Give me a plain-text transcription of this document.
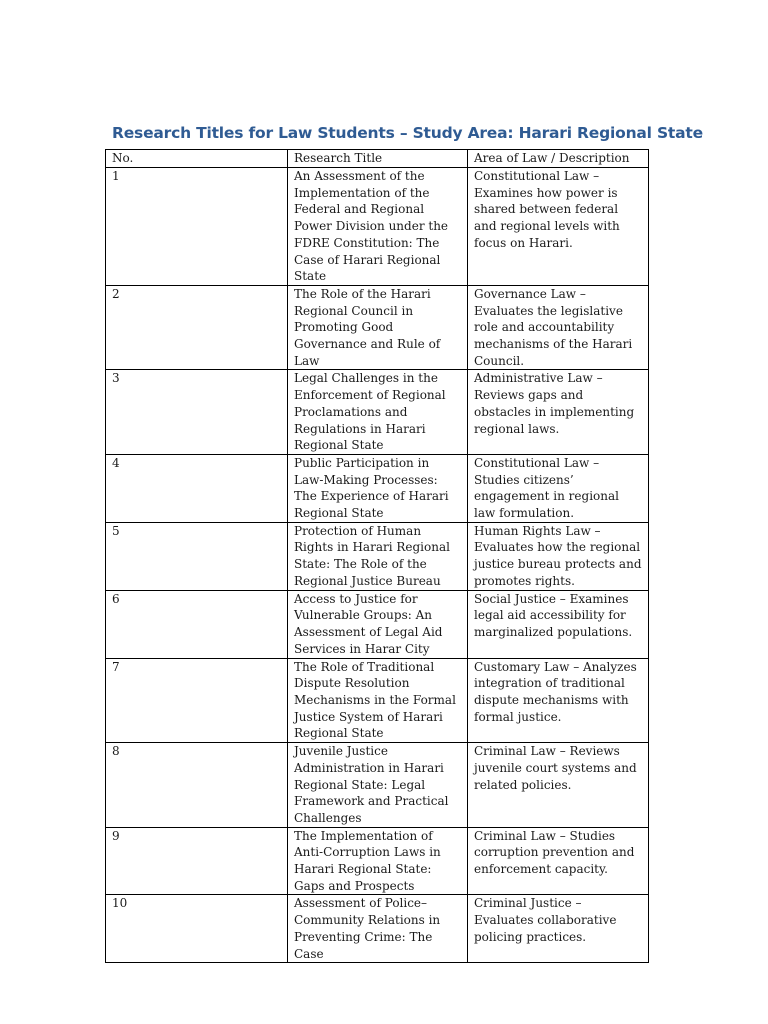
Research Titles for Law Students – Study Area: Harari Regional State
No.	Research Title	Area of Law / Description
1	An Assessment of the Implementation of the Federal and Regional Power Division under the FDRE Constitution: The Case of Harari Regional State	Constitutional Law – Examines how power is shared between federal and regional levels with focus on Harari.
2	The Role of the Harari Regional Council in Promoting Good Governance and Rule of Law	Governance Law – Evaluates the legislative role and accountability mechanisms of the Harari Council.
3	Legal Challenges in the Enforcement of Regional Proclamations and Regulations in Harari Regional State	Administrative Law – Reviews gaps and obstacles in implementing regional laws.
4	Public Participation in Law-Making Processes: The Experience of Harari Regional State	Constitutional Law – Studies citizens’ engagement in regional law formulation.
5	Protection of Human Rights in Harari Regional State: The Role of the Regional Justice Bureau	Human Rights Law – Evaluates how the regional justice bureau protects and promotes rights.
6	Access to Justice for Vulnerable Groups: An Assessment of Legal Aid Services in Harar City	Social Justice – Examines legal aid accessibility for marginalized populations.
7	The Role of Traditional Dispute Resolution Mechanisms in the Formal Justice System of Harari Regional State	Customary Law – Analyzes integration of traditional dispute mechanisms with formal justice.
8	Juvenile Justice Administration in Harari Regional State: Legal Framework and Practical Challenges	Criminal Law – Reviews juvenile court systems and related policies.
9	The Implementation of Anti-Corruption Laws in Harari Regional State: Gaps and Prospects	Criminal Law – Studies corruption prevention and enforcement capacity.
10	Assessment of Police–Community Relations in Preventing Crime: The Case	Criminal Justice – Evaluates collaborative policing practices.
